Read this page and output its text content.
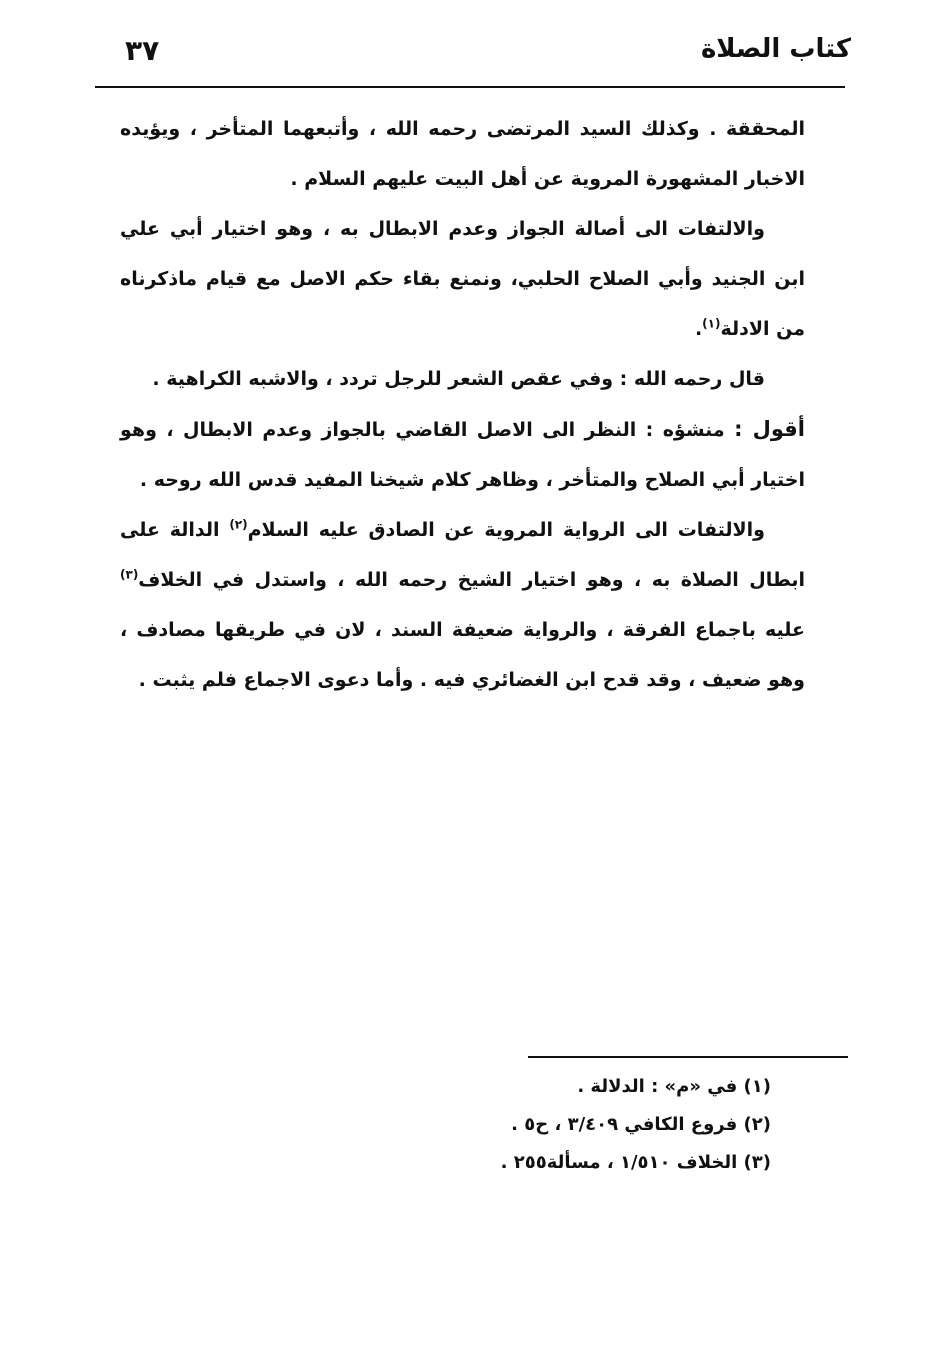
كتاب الصلاة
٣٧

المحققة . وكذلك السيد المرتضى رحمه الله ، وأتبعهما المتأخر ، ويؤيده الاخبار المشهورة المروية عن أهل البيت عليهم السلام .

والالتفات الى أصالة الجواز وعدم الابطال به ، وهو اختيار أبي علي ابن الجنيد وأبي الصلاح الحلبي، ونمنع بقاء حكم الاصل مع قيام ماذكرناه من الادلة$^{(١)}$.

قال رحمه الله : وفي عقص الشعر للرجل تردد ، والاشبه الكراهية .

أقول : منشؤه : النظر الى الاصل القاضي بالجواز وعدم الابطال ، وهو اختيار أبي الصلاح والمتأخر ، وظاهر كلام شيخنا المفيد قدس الله روحه .

والالتفات الى الرواية المروية عن الصادق عليه السلام$^{(٢)}$ الدالة على ابطال الصلاة به ، وهو اختيار الشيخ رحمه الله ، واستدل في الخلاف$^{(٣)}$ عليه باجماع الفرقة ، والرواية ضعيفة السند ، لان في طريقها مصادف ، وهو ضعيف ، وقد قدح ابن الغضائري فيه . وأما دعوى الاجماع فلم يثبت .

(١) في «م» : الدلالة .
(٢) فروع الكافي ٣/٤٠٩ ، ح٥ .
(٣) الخلاف ١/٥١٠ ، مسألة٢٥٥ .
